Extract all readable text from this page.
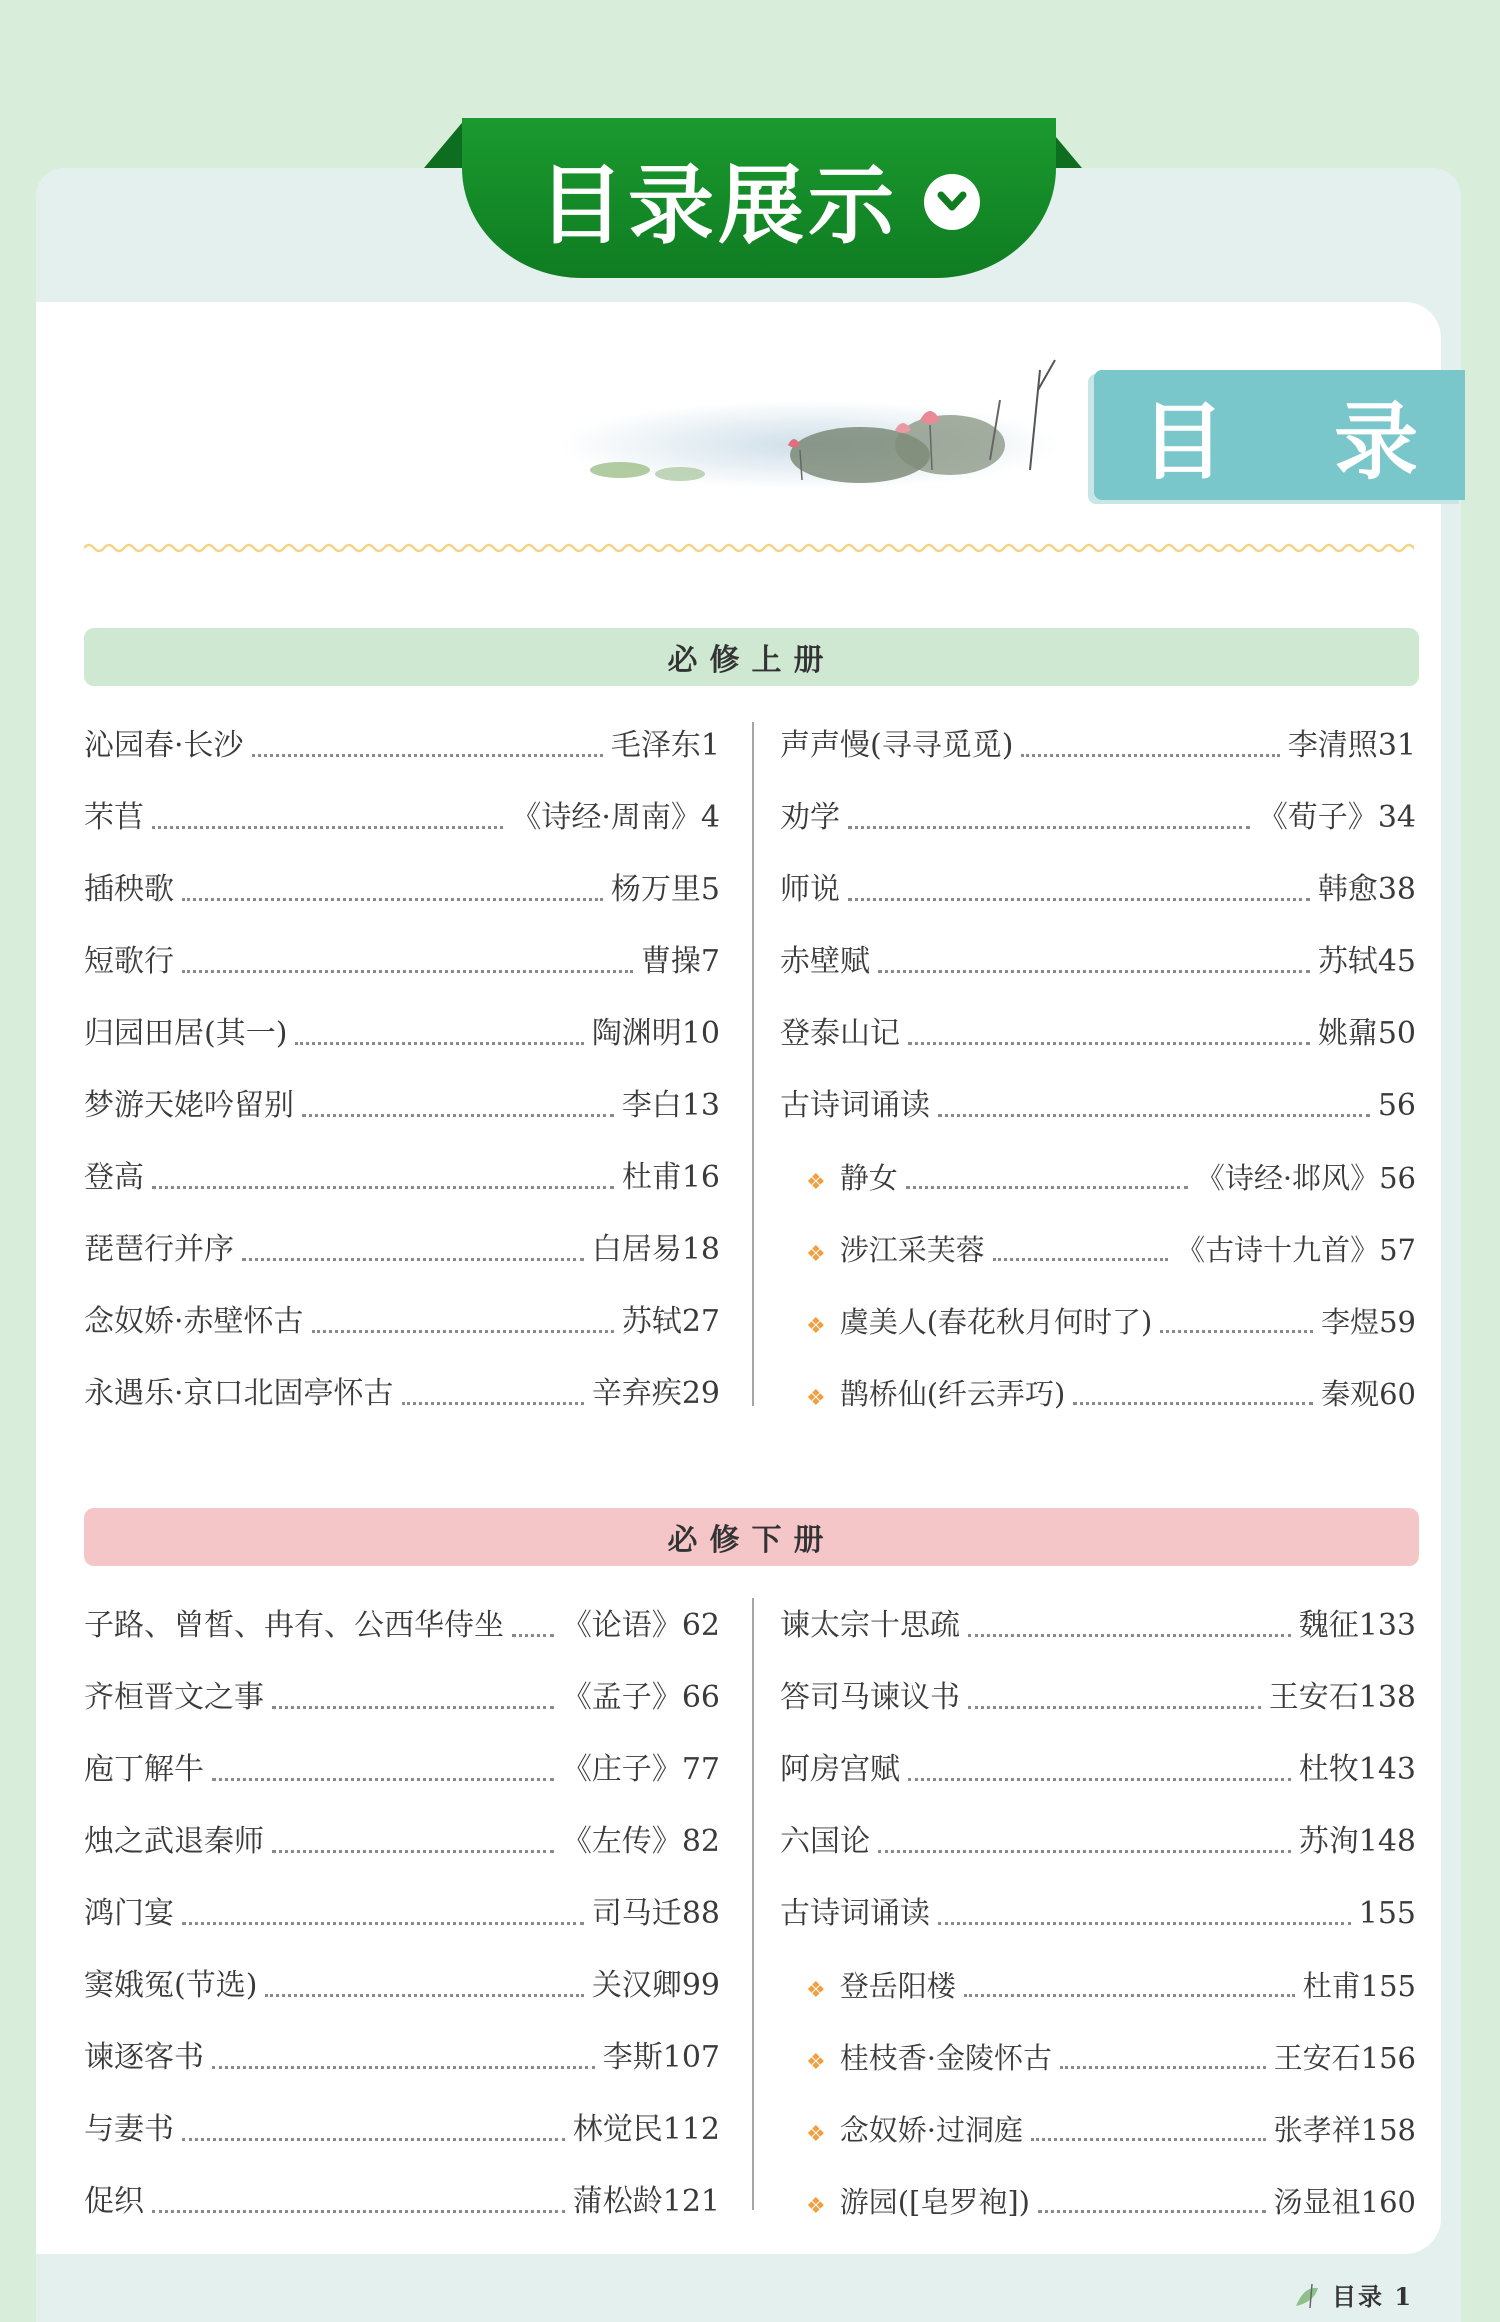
目录展示
目 录
必修上册
沁园春·长沙	毛泽东 1
芣苢	《诗经·周南》 4
插秧歌	杨万里 5
短歌行	曹操 7
归园田居(其一)	陶渊明 10
梦游天姥吟留别	李白 13
登高	杜甫 16
琵琶行并序	白居易 18
念奴娇·赤壁怀古	苏轼 27
永遇乐·京口北固亭怀古	辛弃疾 29
声声慢(寻寻觅觅)	李清照 31
劝学	《荀子》 34
师说	韩愈 38
赤壁赋	苏轼 45
登泰山记	姚鼐 50
古诗词诵读	56
❖ 静女	《诗经·邶风》 56
❖ 涉江采芙蓉	《古诗十九首》 57
❖ 虞美人(春花秋月何时了)	李煜 59
❖ 鹊桥仙(纤云弄巧)	秦观 60
必修下册
子路、曾皙、冉有、公西华侍坐 《论语》 62
齐桓晋文之事	《孟子》 66
庖丁解牛	《庄子》 77
烛之武退秦师	《左传》 82
鸿门宴	司马迁 88
窦娥冤(节选)	关汉卿 99
谏逐客书	李斯 107
与妻书	林觉民 112
促织	蒲松龄 121
谏太宗十思疏	魏征 133
答司马谏议书	王安石 138
阿房宫赋	杜牧 143
六国论	苏洵 148
古诗词诵读	155
❖ 登岳阳楼	杜甫 155
❖ 桂枝香·金陵怀古	王安石 156
❖ 念奴娇·过洞庭	张孝祥 158
❖ 游园([皂罗袍])	汤显祖 160
目录 1
